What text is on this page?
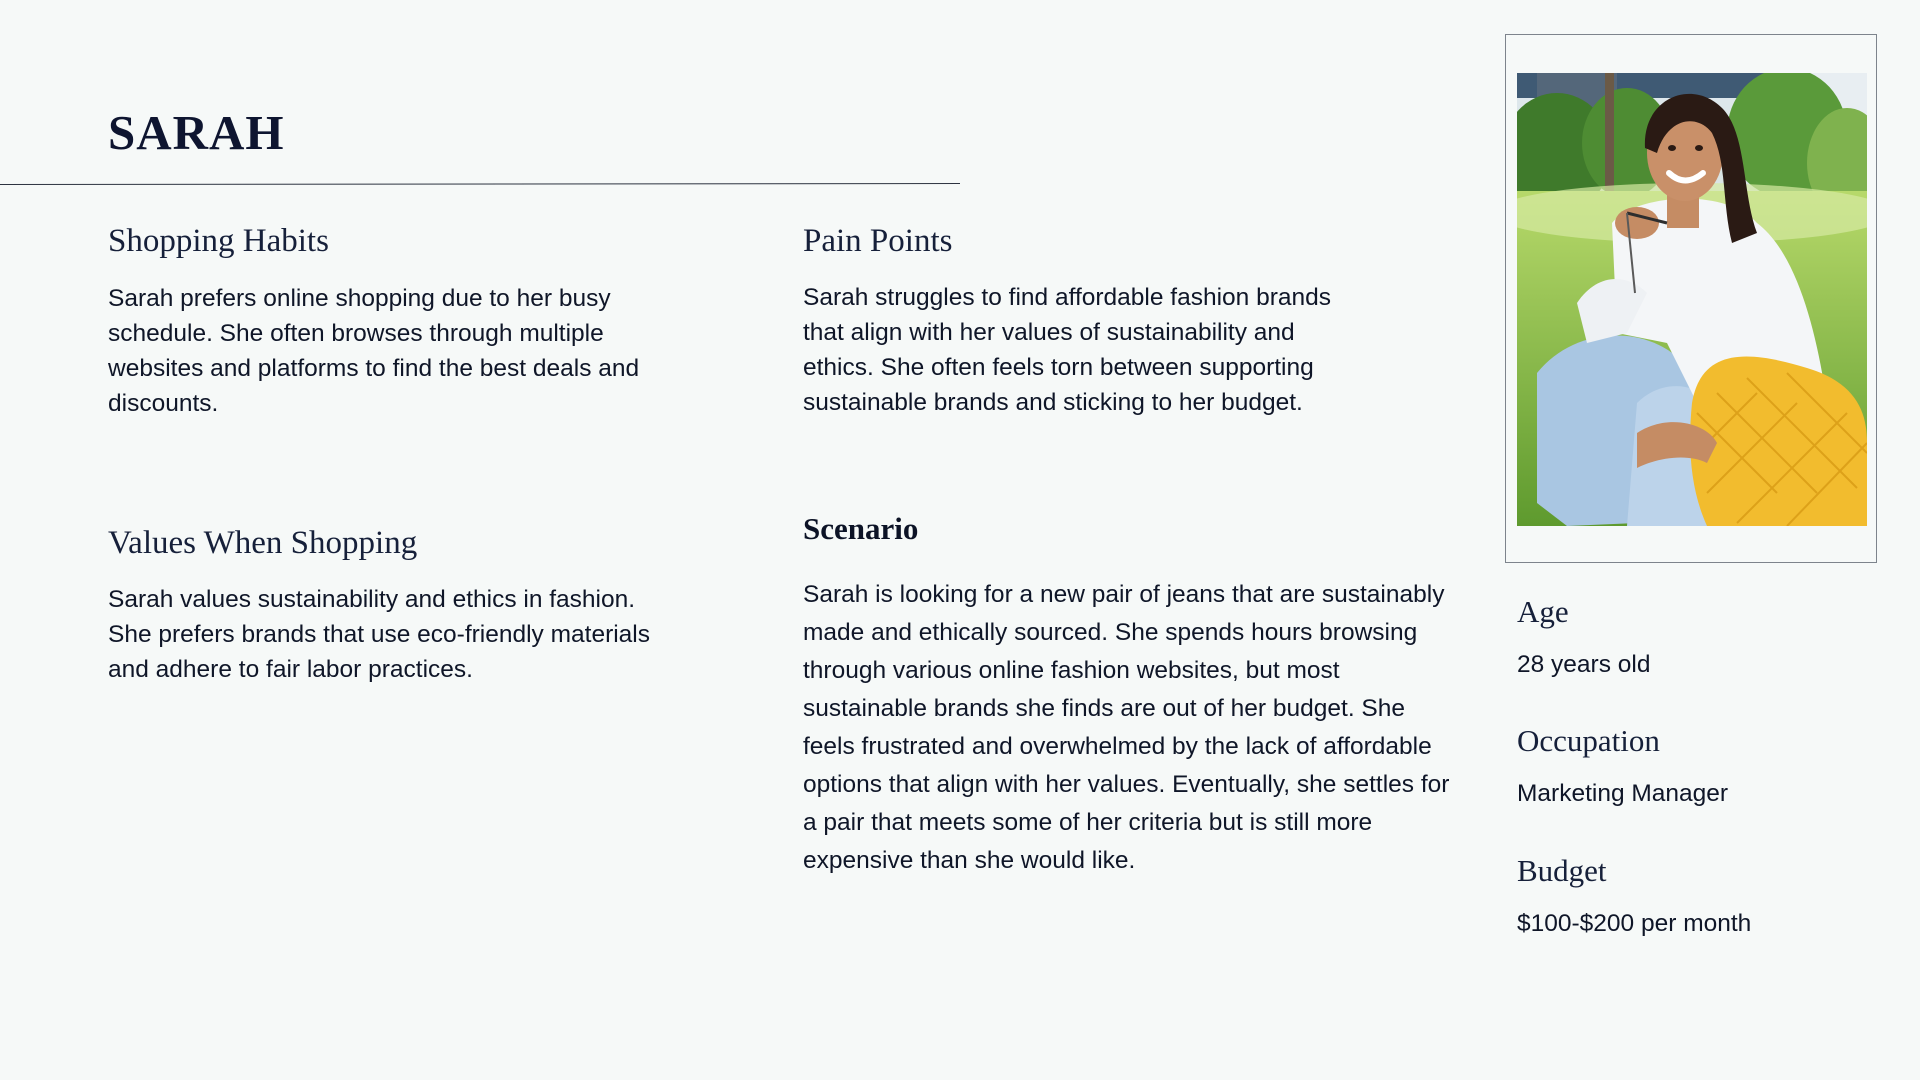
SARAH
Shopping Habits

Sarah prefers online shopping due to her busy schedule. She often browses through multiple websites and platforms to find the best deals and discounts.

Values When Shopping

Sarah values sustainability and ethics in fashion. She prefers brands that use eco-friendly materials and adhere to fair labor practices.

Pain Points

Sarah struggles to find affordable fashion brands that align with her values of sustainability and ethics. She often feels torn between supporting sustainable brands and sticking to her budget.

Scenario

Sarah is looking for a new pair of jeans that are sustainably made and ethically sourced. She spends hours browsing through various online fashion websites, but most sustainable brands she finds are out of her budget. She feels frustrated and overwhelmed by the lack of affordable options that align with her values. Eventually, she settles for a pair that meets some of her criteria but is still more expensive than she would like.

Age

28 years old

Occupation

Marketing Manager

Budget

$100-$200 per month
